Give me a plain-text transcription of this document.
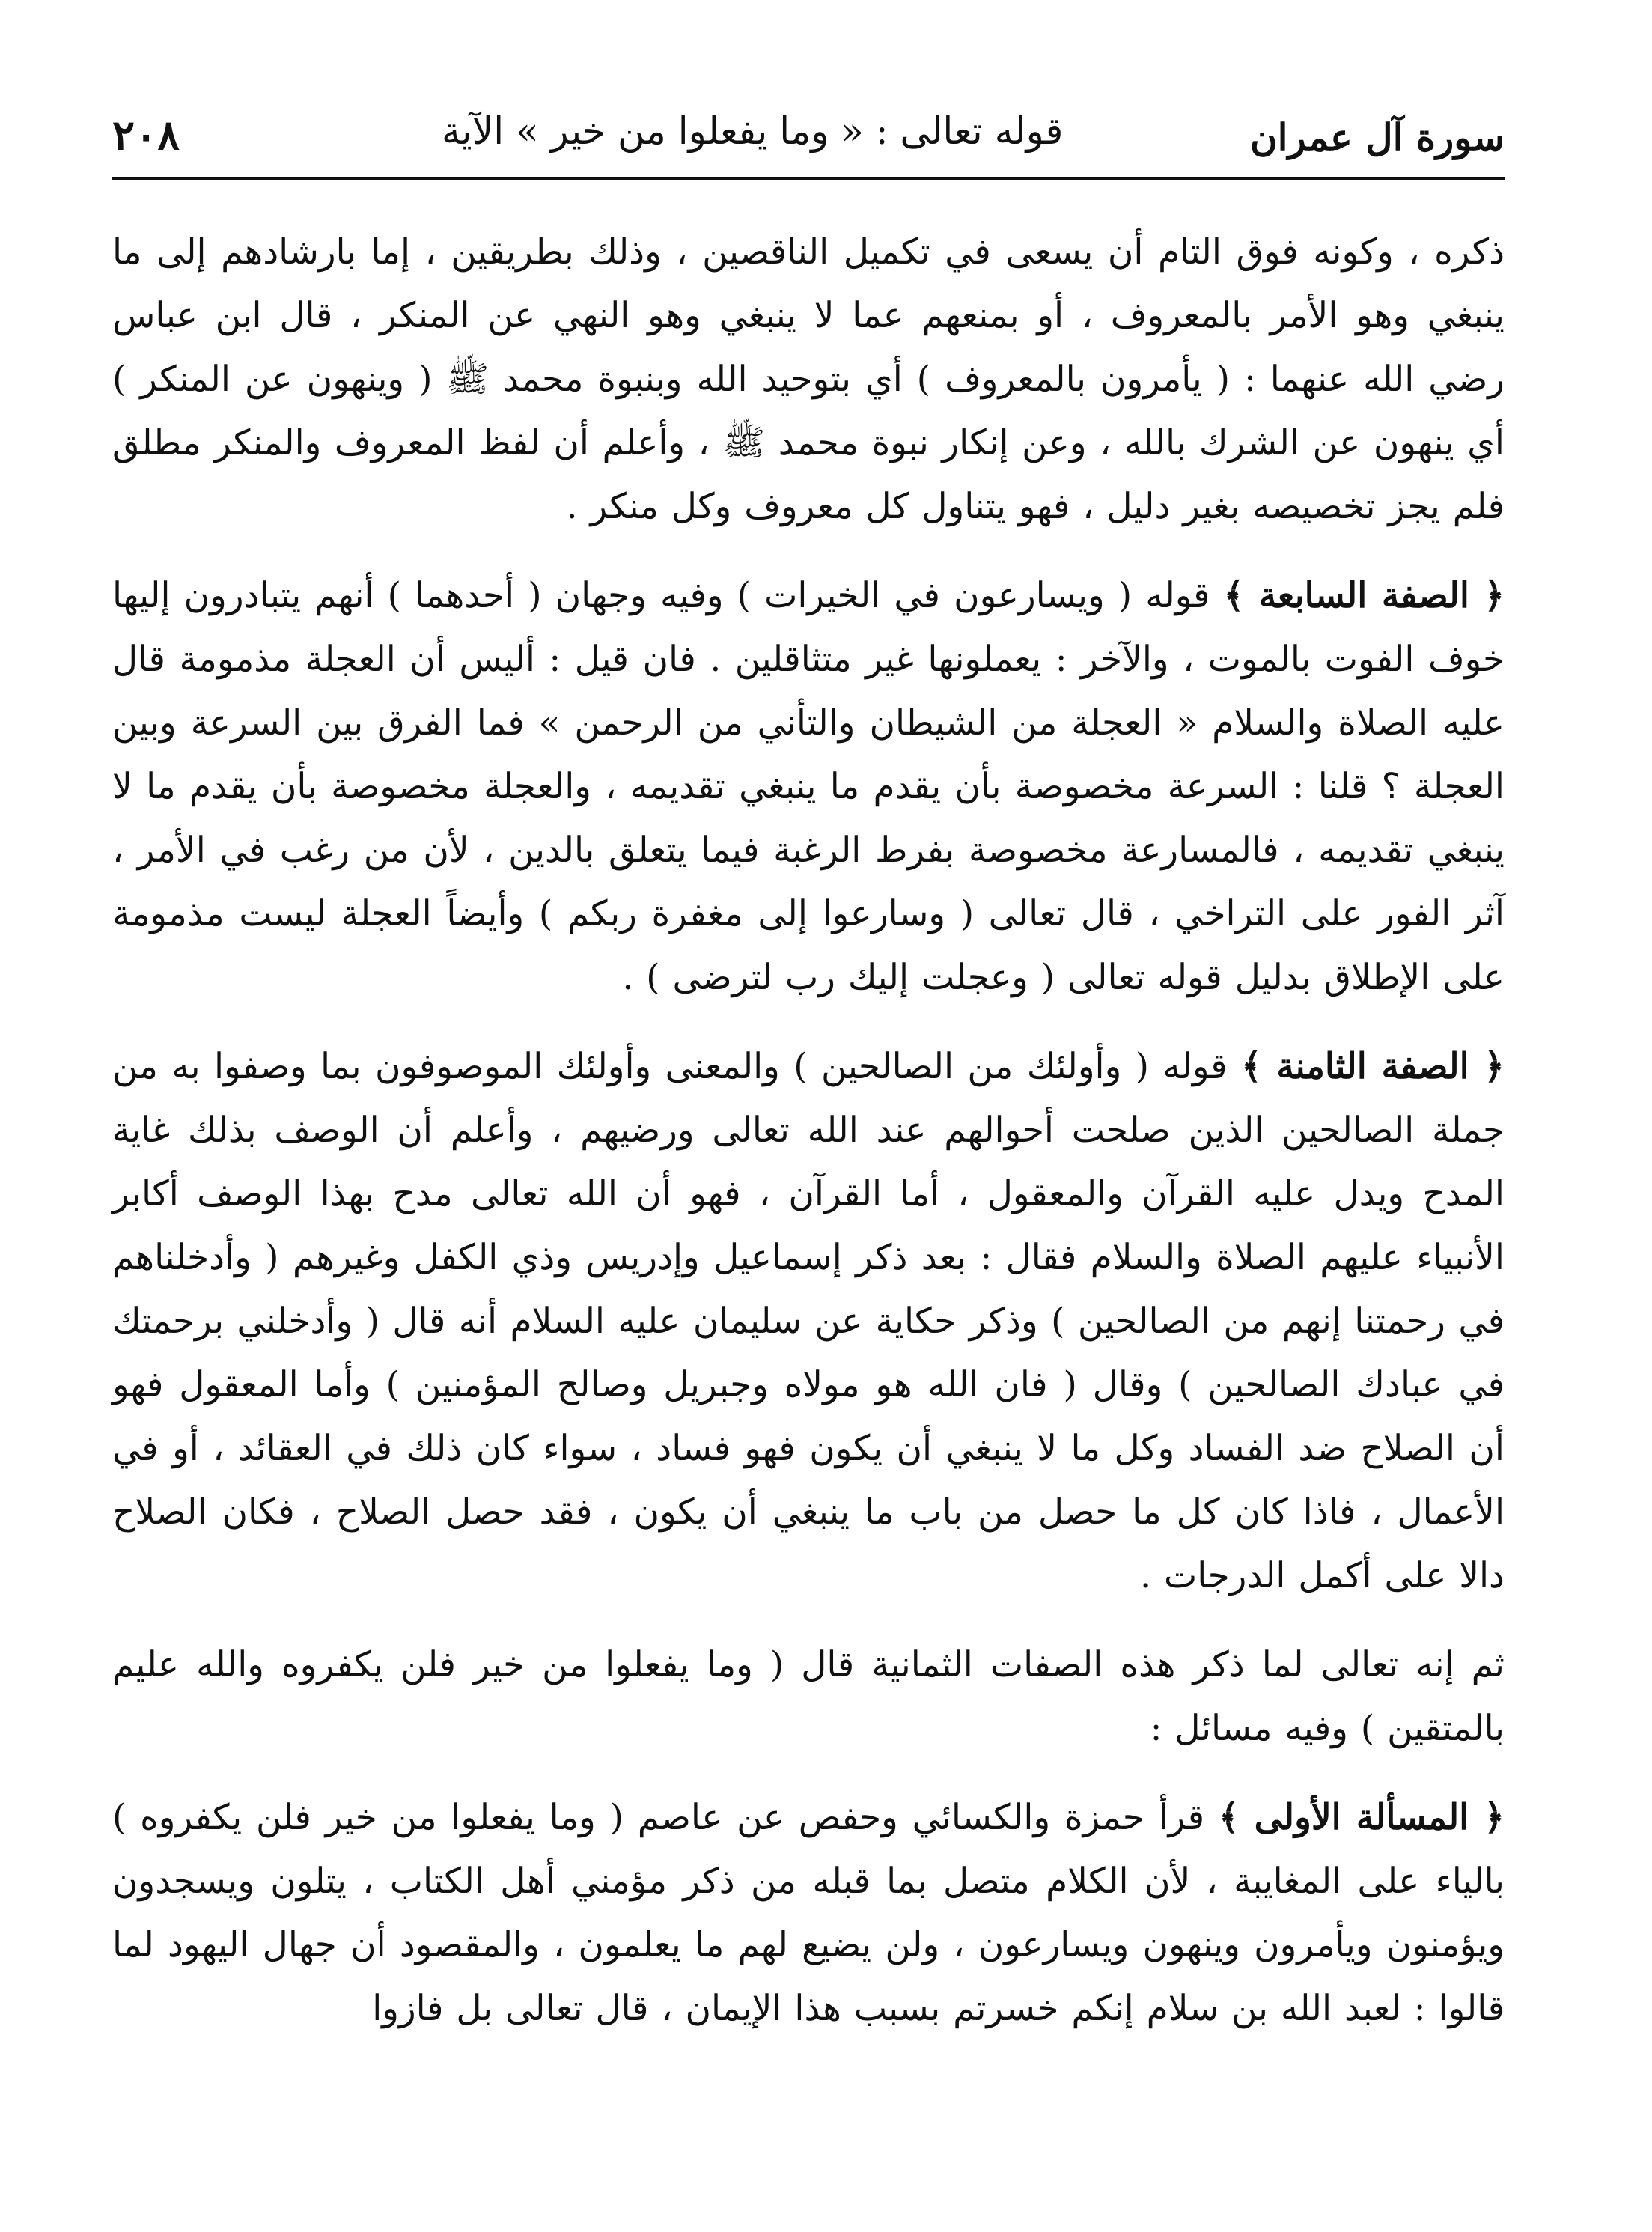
٢٠٨	قوله تعالى : « وما يفعلوا من خير » الآية	سورة آل عمران

ذكره ، وكونه فوق التام أن يسعى في تكميل الناقصين ، وذلك بطريقين ، إما بارشادهم إلى ما ينبغي وهو الأمر بالمعروف ، أو بمنعهم عما لا ينبغي وهو النهي عن المنكر ، قال ابن عباس رضي الله عنهما : ( يأمرون بالمعروف ) أي بتوحيد الله وبنبوة محمد ﷺ ( وينهون عن المنكر ) أي ينهون عن الشرك بالله ، وعن إنكار نبوة محمد ﷺ ، وأعلم أن لفظ المعروف والمنكر مطلق فلم يجز تخصيصه بغير دليل ، فهو يتناول كل معروف وكل منكر .

﴿ الصفة السابعة ﴾ قوله ( ويسارعون في الخيرات ) وفيه وجهان ( أحدهما ) أنهم يتبادرون إليها خوف الفوت بالموت ، والآخر : يعملونها غير متثاقلين . فان قيل : أليس أن العجلة مذمومة قال عليه الصلاة والسلام « العجلة من الشيطان والتأني من الرحمن » فما الفرق بين السرعة وبين العجلة ؟ قلنا : السرعة مخصوصة بأن يقدم ما ينبغي تقديمه ، والعجلة مخصوصة بأن يقدم ما لا ينبغي تقديمه ، فالمسارعة مخصوصة بفرط الرغبة فيما يتعلق بالدين ، لأن من رغب في الأمر ، آثر الفور على التراخي ، قال تعالى ( وسارعوا إلى مغفرة ربكم ) وأيضاً العجلة ليست مذمومة على الإطلاق بدليل قوله تعالى ( وعجلت إليك رب لترضى ) .

﴿ الصفة الثامنة ﴾ قوله ( وأولئك من الصالحين ) والمعنى وأولئك الموصوفون بما وصفوا به من جملة الصالحين الذين صلحت أحوالهم عند الله تعالى ورضيهم ، وأعلم أن الوصف بذلك غاية المدح ويدل عليه القرآن والمعقول ، أما القرآن ، فهو أن الله تعالى مدح بهذا الوصف أكابر الأنبياء عليهم الصلاة والسلام فقال : بعد ذكر إسماعيل وإدريس وذي الكفل وغيرهم ( وأدخلناهم في رحمتنا إنهم من الصالحين ) وذكر حكاية عن سليمان عليه السلام أنه قال ( وأدخلني برحمتك في عبادك الصالحين ) وقال ( فان الله هو مولاه وجبريل وصالح المؤمنين ) وأما المعقول فهو أن الصلاح ضد الفساد وكل ما لا ينبغي أن يكون فهو فساد ، سواء كان ذلك في العقائد ، أو في الأعمال ، فاذا كان كل ما حصل من باب ما ينبغي أن يكون ، فقد حصل الصلاح ، فكان الصلاح دالا على أكمل الدرجات .

ثم إنه تعالى لما ذكر هذه الصفات الثمانية قال ( وما يفعلوا من خير فلن يكفروه والله عليم بالمتقين ) وفيه مسائل :

﴿ المسألة الأولى ﴾ قرأ حمزة والكسائي وحفص عن عاصم ( وما يفعلوا من خير فلن يكفروه ) بالياء على المغايبة ، لأن الكلام متصل بما قبله من ذكر مؤمني أهل الكتاب ، يتلون ويسجدون ويؤمنون ويأمرون وينهون ويسارعون ، ولن يضيع لهم ما يعلمون ، والمقصود أن جهال اليهود لما قالوا : لعبد الله بن سلام إنكم خسرتم بسبب هذا الإيمان ، قال تعالى بل فازوا
